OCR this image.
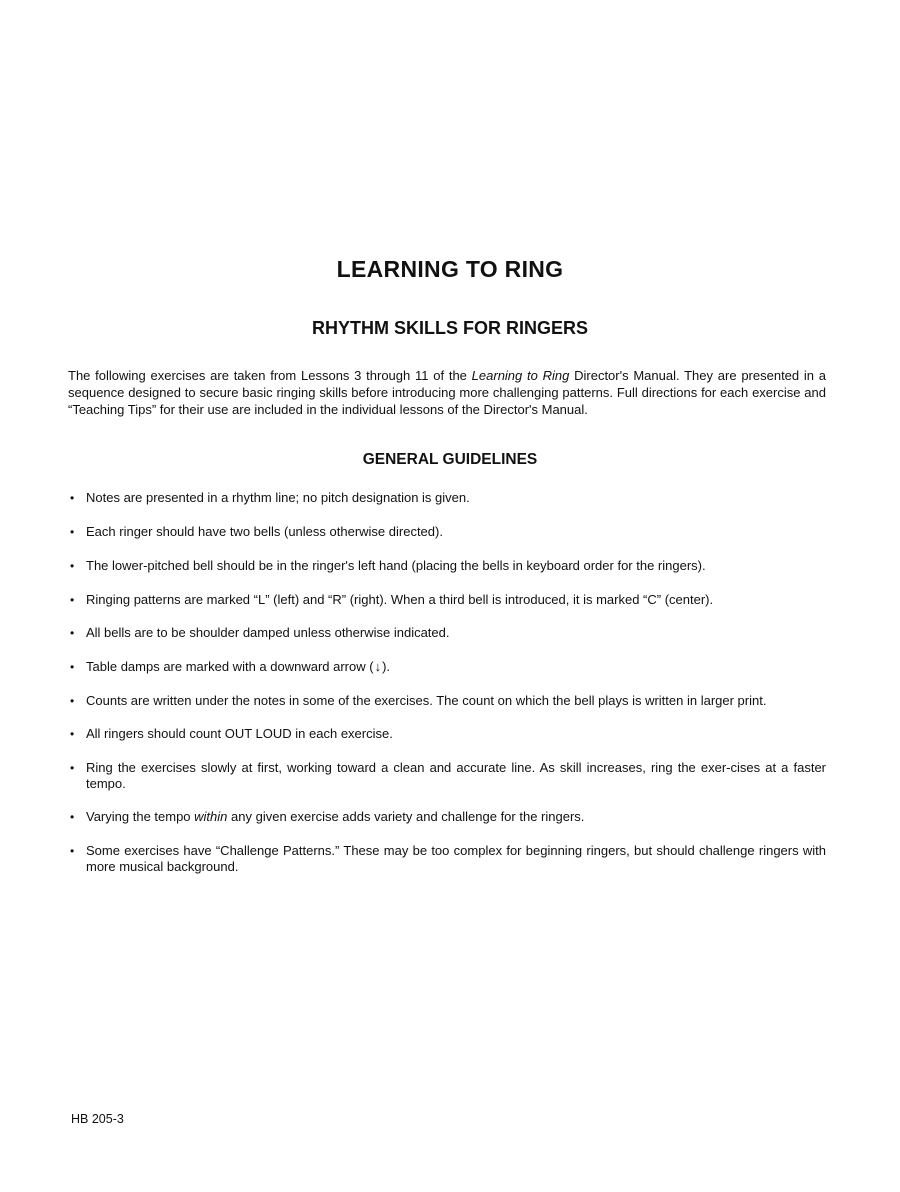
LEARNING TO RING
RHYTHM SKILLS FOR RINGERS

The following exercises are taken from Lessons 3 through 11 of the Learning to Ring Director's Manual. They are presented in a sequence designed to secure basic ringing skills before introducing more challenging patterns. Full directions for each exercise and “Teaching Tips” for their use are included in the individual lessons of the Director's Manual.

GENERAL GUIDELINES
• Notes are presented in a rhythm line; no pitch designation is given.
• Each ringer should have two bells (unless otherwise directed).
• The lower-pitched bell should be in the ringer's left hand (placing the bells in keyboard order for the ringers).
• Ringing patterns are marked “L” (left) and “R” (right). When a third bell is introduced, it is marked “C” (center).
• All bells are to be shoulder damped unless otherwise indicated.
• Table damps are marked with a downward arrow (↓).
• Counts are written under the notes in some of the exercises. The count on which the bell plays is written in larger print.
• All ringers should count OUT LOUD in each exercise.
• Ring the exercises slowly at first, working toward a clean and accurate line. As skill increases, ring the exer-cises at a faster tempo.
• Varying the tempo within any given exercise adds variety and challenge for the ringers.
• Some exercises have “Challenge Patterns.” These may be too complex for beginning ringers, but should challenge ringers with more musical background.

HB 205-3
